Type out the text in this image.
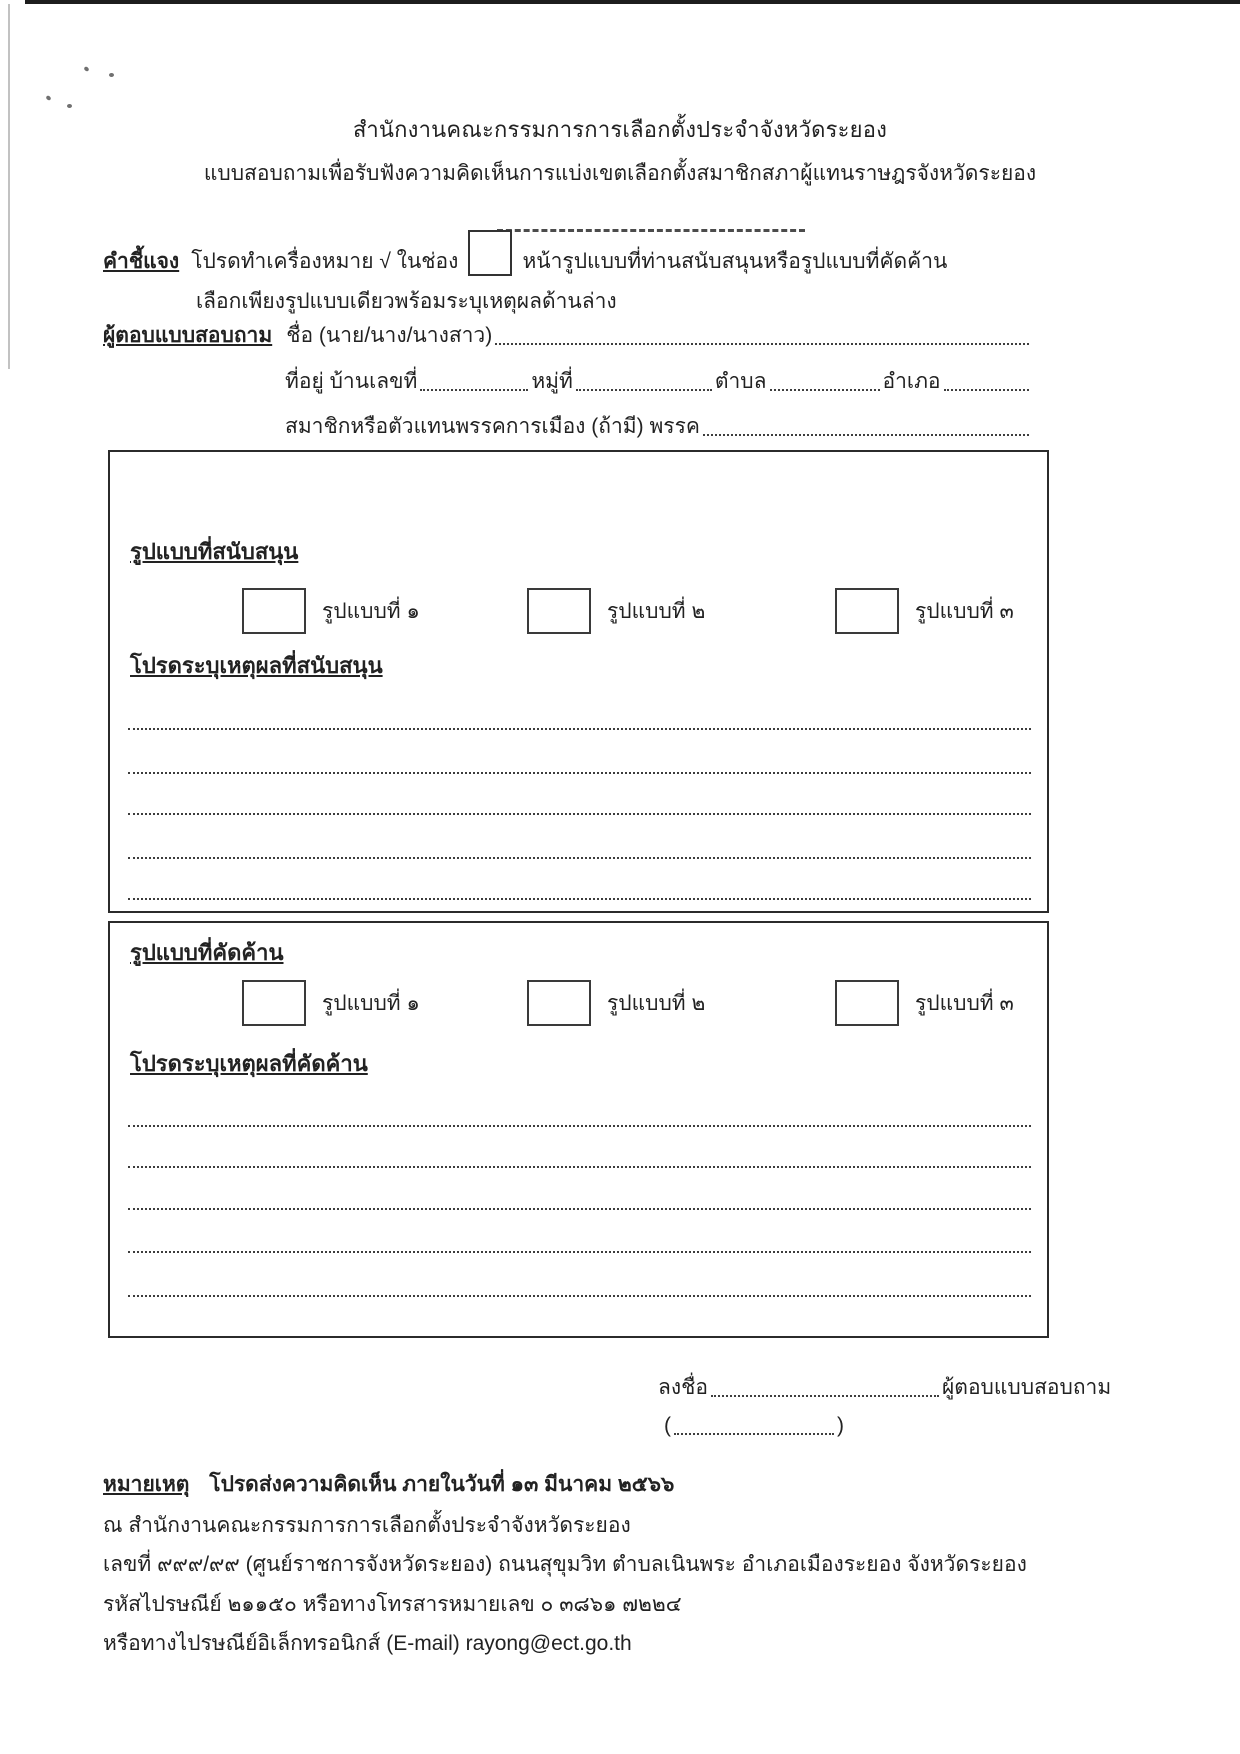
สำนักงานคณะกรรมการการเลือกตั้งประจำจังหวัดระยอง
แบบสอบถามเพื่อรับฟังความคิดเห็นการแบ่งเขตเลือกตั้งสมาชิกสภาผู้แทนราษฎรจังหวัดระยอง
คำชี้แจง โปรดทำเครื่องหมาย √ ในช่อง	หน้ารูปแบบที่ท่านสนับสนุนหรือรูปแบบที่คัดค้าน
เลือกเพียงรูปแบบเดียวพร้อมระบุเหตุผลด้านล่าง
ผู้ตอบแบบสอบถาม ชื่อ (นาย/นาง/นางสาว)
ที่อยู่ บ้านเลขที่	หมู่ที่	ตำบล	อำเภอ
สมาชิกหรือตัวแทนพรรคการเมือง (ถ้ามี) พรรค
รูปแบบที่สนับสนุน
รูปแบบที่ ๑	รูปแบบที่ ๒	รูปแบบที่ ๓
โปรดระบุเหตุผลที่สนับสนุน
รูปแบบที่คัดค้าน
รูปแบบที่ ๑	รูปแบบที่ ๒	รูปแบบที่ ๓
โปรดระบุเหตุผลที่คัดค้าน
ลงชื่อ	ผู้ตอบแบบสอบถาม
(	)
หมายเหตุ โปรดส่งความคิดเห็น ภายในวันที่ ๑๓ มีนาคม ๒๕๖๖
ณ สำนักงานคณะกรรมการการเลือกตั้งประจำจังหวัดระยอง
เลขที่ ๙๙๙/๙๙ (ศูนย์ราชการจังหวัดระยอง) ถนนสุขุมวิท ตำบลเนินพระ อำเภอเมืองระยอง จังหวัดระยอง
รหัสไปรษณีย์ ๒๑๑๕๐ หรือทางโทรสารหมายเลข ๐ ๓๘๖๑ ๗๒๒๔
หรือทางไปรษณีย์อิเล็กทรอนิกส์ (E-mail) rayong@ect.go.th
